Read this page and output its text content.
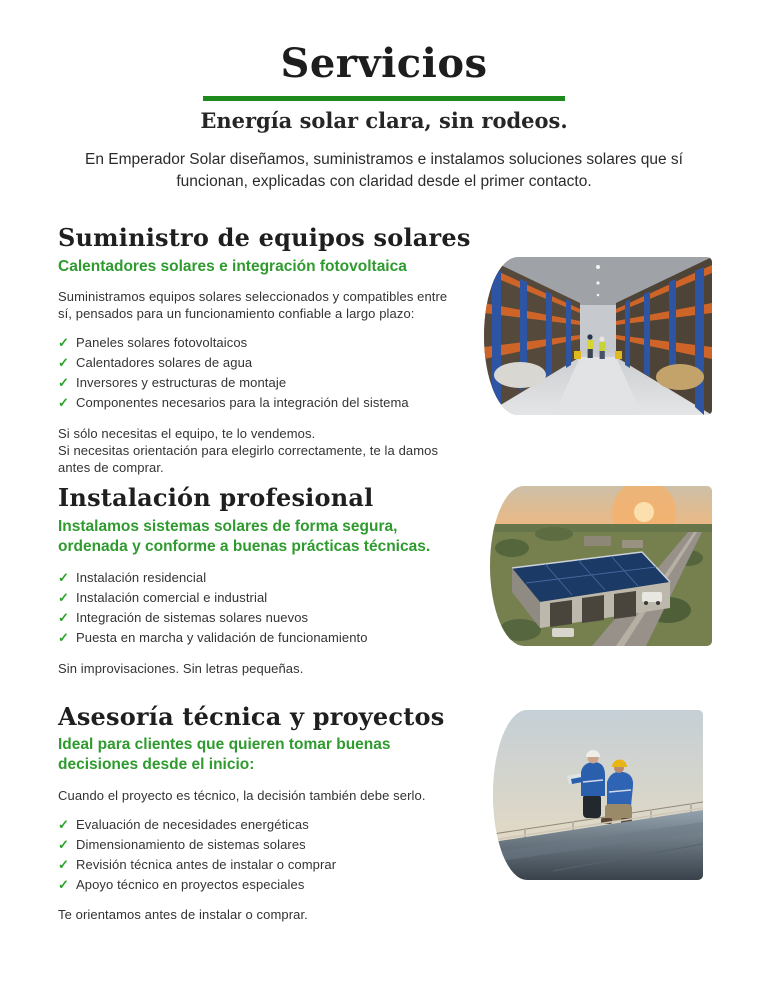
Servicios

Energía solar clara, sin rodeos.

En Emperador Solar diseñamos, suministramos e instalamos soluciones solares que sí funcionan, explicadas con claridad desde el primer contacto.

Suministro de equipos solares

Calentadores solares e integración fotovoltaica

Suministramos equipos solares seleccionados y compatibles entre sí, pensados para un funcionamiento confiable a largo plazo:

✓ Paneles solares fotovoltaicos
✓ Calentadores solares de agua
✓ Inversores y estructuras de montaje
✓ Componentes necesarios para la integración del sistema
Si sólo necesitas el equipo, te lo vendemos.
Si necesitas orientación para elegirlo correctamente, te la damos antes de comprar.
Instalación profesional

Instalamos sistemas solares de forma segura, ordenada y conforme a buenas prácticas técnicas.

✓ Instalación residencial
✓ Instalación comercial e industrial
✓ Integración de sistemas solares nuevos
✓ Puesta en marcha y validación de funcionamiento
Sin improvisaciones. Sin letras pequeñas.
Asesoría técnica y proyectos

Ideal para clientes que quieren tomar buenas decisiones desde el inicio:

Cuando el proyecto es técnico, la decisión también debe serlo.

✓ Evaluación de necesidades energéticas
✓ Dimensionamiento de sistemas solares
✓ Revisión técnica antes de instalar o comprar
✓ Apoyo técnico en proyectos especiales
Te orientamos antes de instalar o comprar.
